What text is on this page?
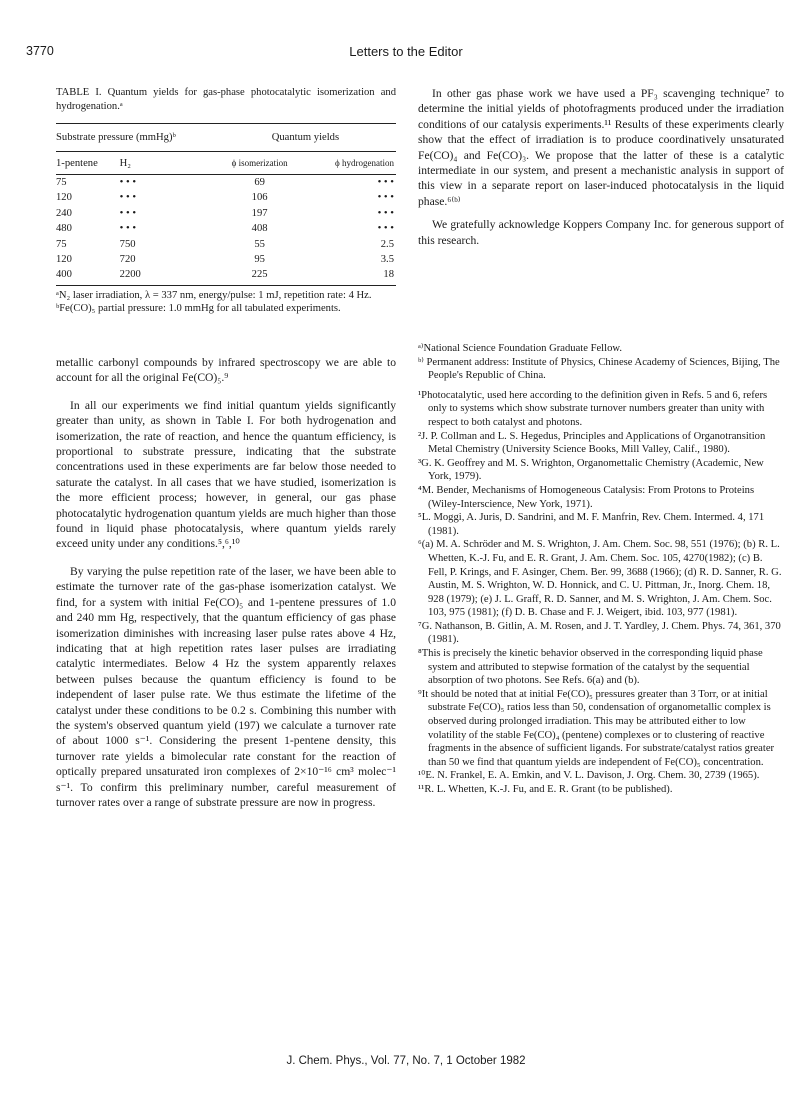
3770	Letters to the Editor
TABLE I. Quantum yields for gas-phase photocatalytic isomerization and hydrogenation.ᵃ
Substrate pressure (mmHg)ᵇ		Quantum yields	
1-pentene	H₂	ϕ isomerization	ϕ hydrogenation
75	• • •	69	• • •
120	• • •	106	• • •
240	• • •	197	• • •
480	• • •	408	• • •
75	750	55	2.5
120	720	95	3.5
400	2200	225	18

ᵃN₂ laser irradiation, λ = 337 nm, energy/pulse: 1 mJ, repetition rate: 4 Hz.

ᵇFe(CO)₅ partial pressure: 1.0 mmHg for all tabulated experiments.

metallic carbonyl compounds by infrared spectroscopy we are able to account for all the original Fe(CO)₅.⁹

In all our experiments we find initial quantum yields significantly greater than unity, as shown in Table I. For both hydrogenation and isomerization, the rate of reaction, and hence the quantum efficiency, is proportional to substrate pressure, indicating that the substrate concentrations used in these experiments are far below those needed to saturate the catalyst. In all cases that we have studied, isomerization is the more efficient process; however, in general, our gas phase photocatalytic hydrogenation quantum yields are much higher than those found in liquid phase photocatalysis, where quantum yields rarely exceed unity under any conditions.⁵,⁶,¹⁰

By varying the pulse repetition rate of the laser, we have been able to estimate the turnover rate of the gas-phase isomerization catalyst. We find, for a system with initial Fe(CO)₅ and 1-pentene pressures of 1.0 and 240 mm Hg, respectively, that the quantum efficiency of gas phase isomerization diminishes with increasing laser pulse rates above 4 Hz, indicating that at high repetition rates laser pulses are irradiating catalytic intermediates. Below 4 Hz the system apparently relaxes between pulses because the quantum efficiency is found to be independent of laser pulse rate. We thus estimate the lifetime of the catalyst under these conditions to be 0.2 s. Combining this number with the system's observed quantum yield (197) we calculate a turnover rate of about 1000 s⁻¹. Considering the present 1-pentene density, this turnover rate yields a bimolecular rate constant for the reaction of optically prepared unsaturated iron complexes of 2×10⁻¹⁶ cm³ molec⁻¹ s⁻¹. To confirm this preliminary number, careful measurement of turnover rates over a range of substrate pressure are now in progress.

In other gas phase work we have used a PF₃ scavenging technique⁷ to determine the initial yields of photofragments produced under the irradiation conditions of our catalysis experiments.¹¹ Results of these experiments clearly show that the effect of irradiation is to produce coordinatively unsaturated Fe(CO)₄ and Fe(CO)₃. We propose that the latter of these is a catalytic intermediate in our system, and present a mechanistic analysis in support of this view in a separate report on laser-induced photocatalysis in the liquid phase.⁶⁽ᵇ⁾

We gratefully acknowledge Koppers Company Inc. for generous support of this research.

ᵃ⁾National Science Foundation Graduate Fellow.

ᵇ⁾ Permanent address: Institute of Physics, Chinese Academy of Sciences, Bijing, The People's Republic of China.

¹Photocatalytic, used here according to the definition given in Refs. 5 and 6, refers only to systems which show substrate turnover numbers greater than unity with respect to both catalyst and photons.

²J. P. Collman and L. S. Hegedus, Principles and Applications of Organotransition Metal Chemistry (University Science Books, Mill Valley, Calif., 1980).

³G. K. Geoffrey and M. S. Wrighton, Organomettalic Chemistry (Academic, New York, 1979).

⁴M. Bender, Mechanisms of Homogeneous Catalysis: From Protons to Proteins (Wiley-Interscience, New York, 1971).

⁵L. Moggi, A. Juris, D. Sandrini, and M. F. Manfrin, Rev. Chem. Intermed. 4, 171 (1981).

⁶(a) M. A. Schröder and M. S. Wrighton, J. Am. Chem. Soc. 98, 551 (1976); (b) R. L. Whetten, K.-J. Fu, and E. R. Grant, J. Am. Chem. Soc. 105, 4270(1982); (c) B. Fell, P. Krings, and F. Asinger, Chem. Ber. 99, 3688 (1966); (d) R. D. Sanner, R. G. Austin, M. S. Wrighton, W. D. Honnick, and C. U. Pittman, Jr., Inorg. Chem. 18, 928 (1979); (e) J. L. Graff, R. D. Sanner, and M. S. Wrighton, J. Am. Chem. Soc. 103, 975 (1981); (f) D. B. Chase and F. J. Weigert, ibid. 103, 977 (1981).

⁷G. Nathanson, B. Gitlin, A. M. Rosen, and J. T. Yardley, J. Chem. Phys. 74, 361, 370 (1981).

⁸This is precisely the kinetic behavior observed in the corresponding liquid phase system and attributed to stepwise formation of the catalyst by the sequential absorption of two photons. See Refs. 6(a) and (b).

⁹It should be noted that at initial Fe(CO)₅ pressures greater than 3 Torr, or at initial substrate Fe(CO)₅ ratios less than 50, condensation of organometallic complex is observed during prolonged irradiation. This may be attributed either to low volatility of the stable Fe(CO)₄ (pentene) complexes or to clustering of reactive fragments in the absence of sufficient ligands. For substrate/catalyst ratios greater than 50 we find that quantum yields are independent of Fe(CO)₅ concentration.

¹⁰E. N. Frankel, E. A. Emkin, and V. L. Davison, J. Org. Chem. 30, 2739 (1965).

¹¹R. L. Whetten, K.-J. Fu, and E. R. Grant (to be published).

J. Chem. Phys., Vol. 77, No. 7, 1 October 1982
